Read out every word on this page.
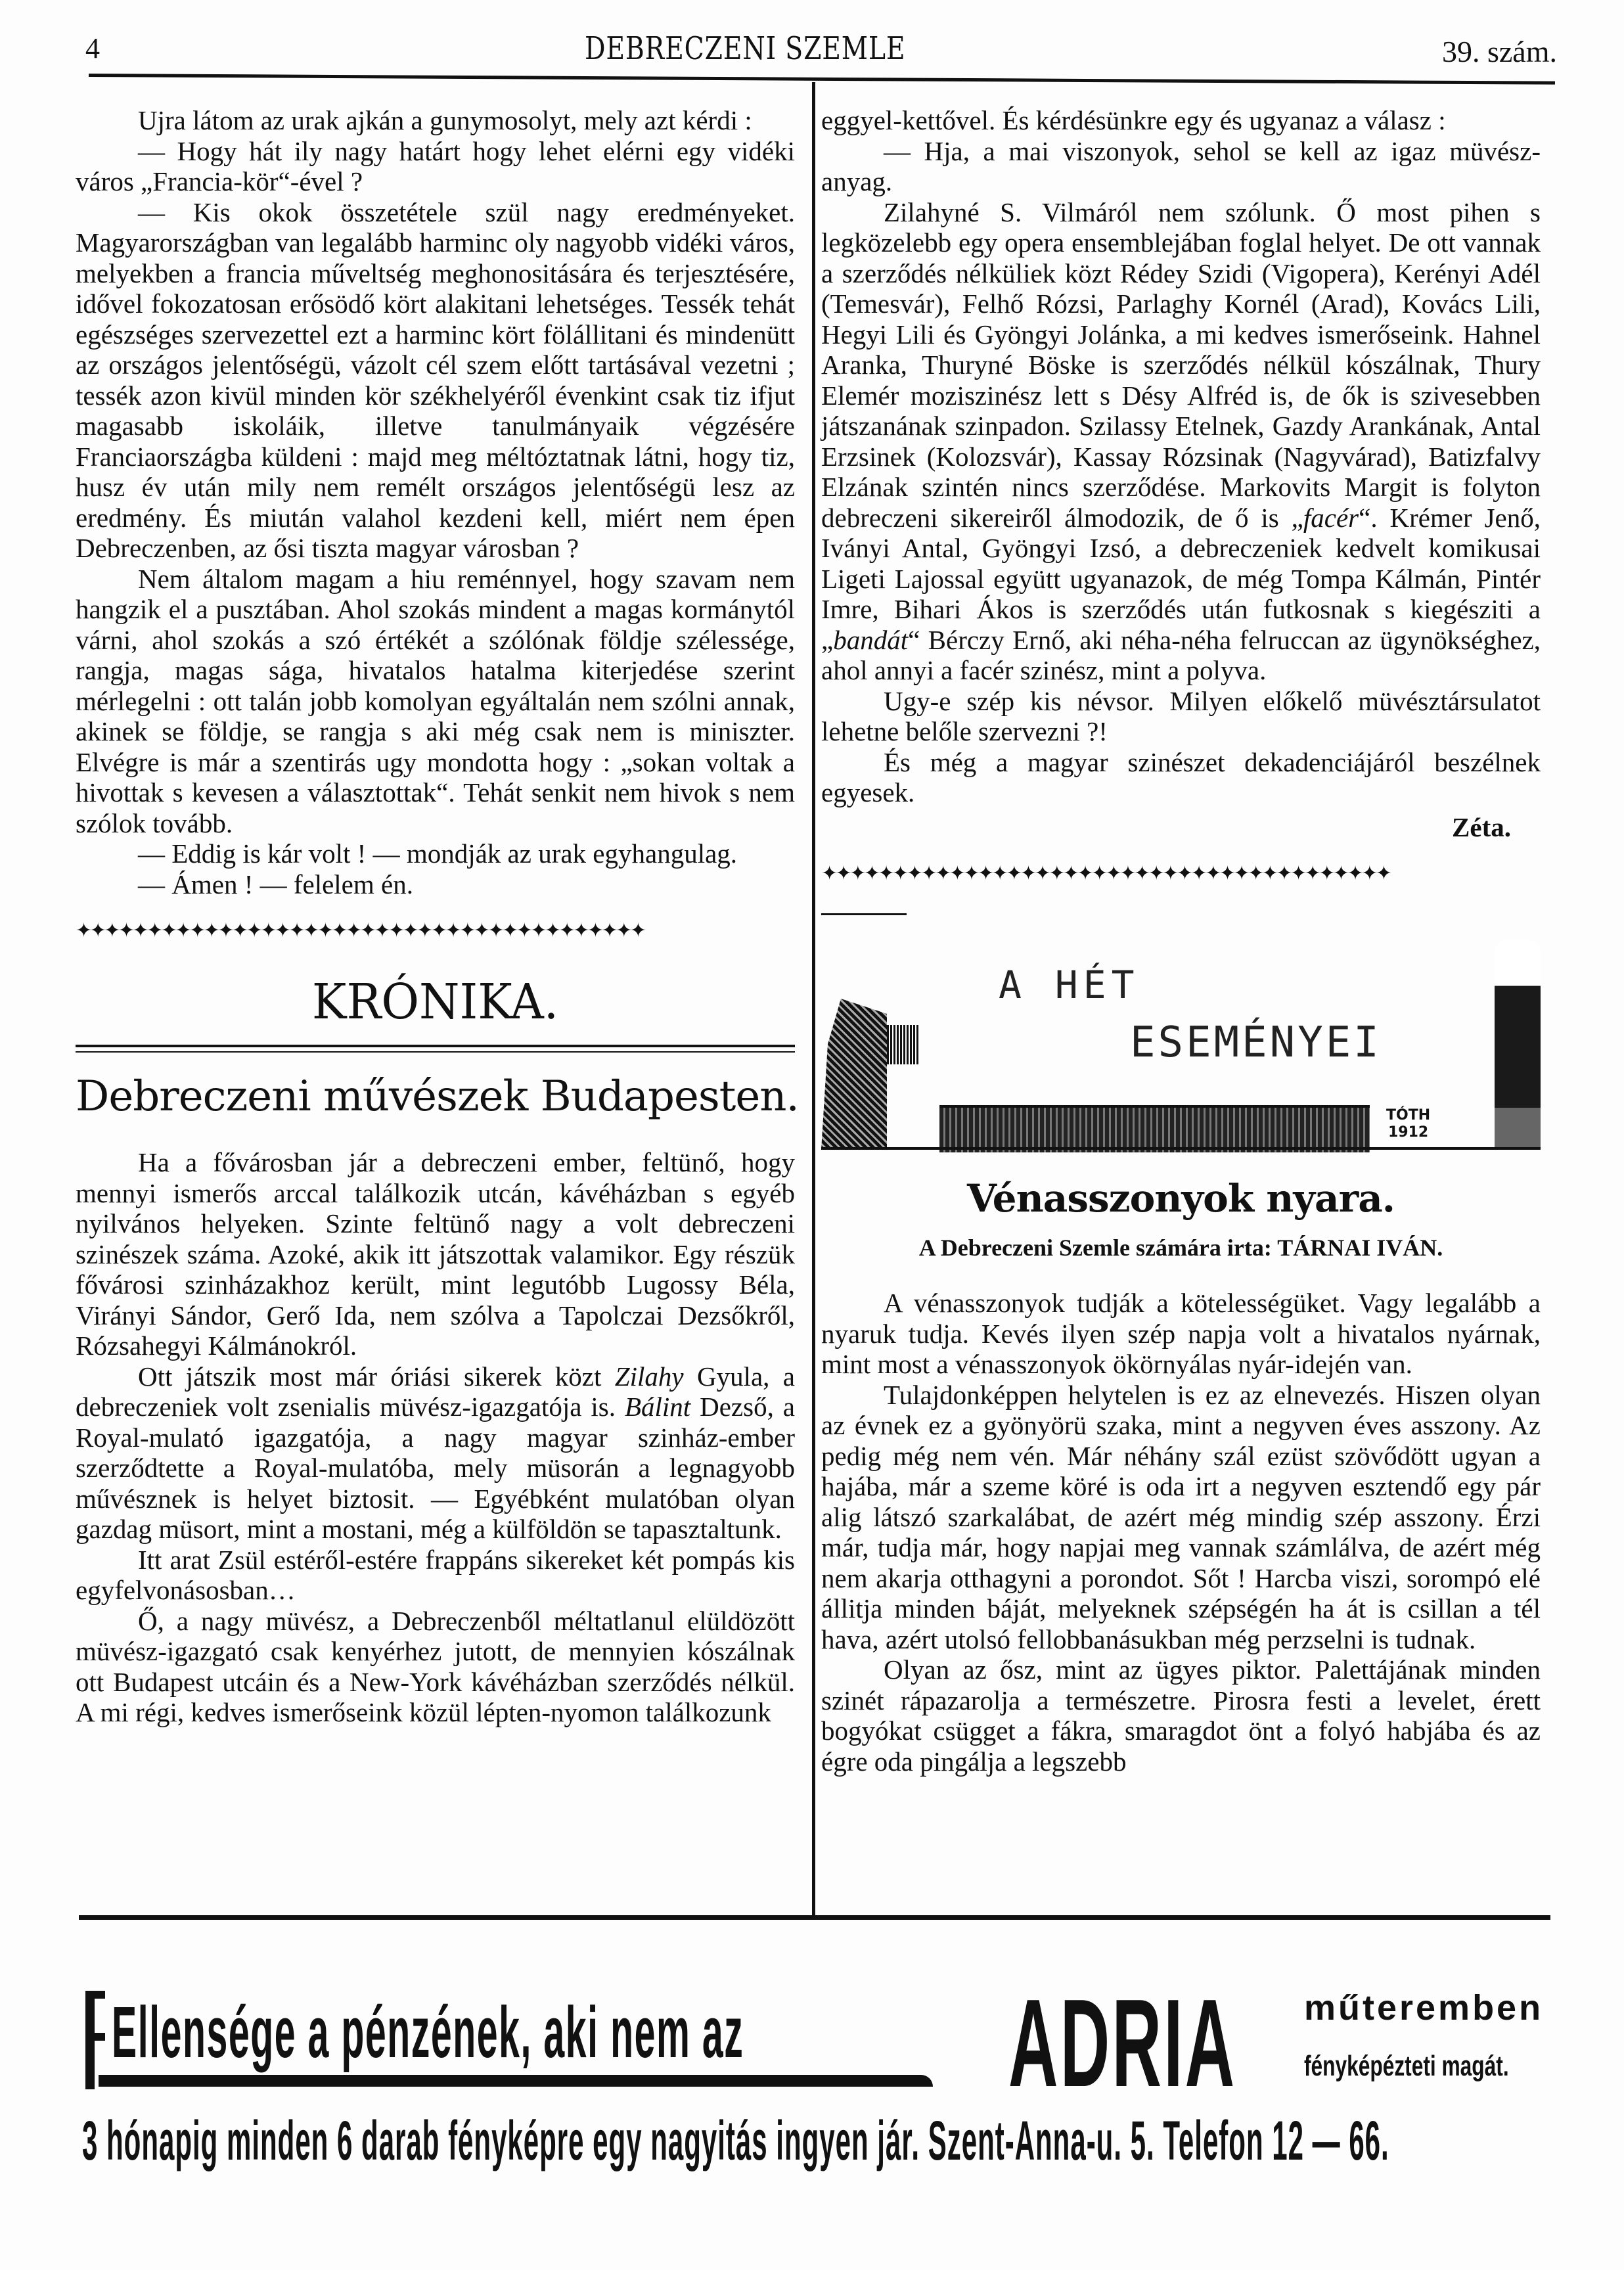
4	DEBRECZENI SZEMLE	39. szám.

Ujra látom az urak ajkán a gunymosolyt, mely azt kérdi :

— Hogy hát ily nagy határt hogy lehet elérni egy vidéki város „Francia-kör“-ével ?

— Kis okok összetétele szül nagy eredményeket. Magyarországban van legalább harminc oly nagyobb vidéki város, melyekben a francia műveltség meghonositására és terjesztésére, idővel fokozatosan erősödő kört alakitani lehetséges. Tessék tehát egészséges szervezettel ezt a harminc kört fölállitani és mindenütt az országos jelentőségü, vázolt cél szem előtt tartásával vezetni ; tessék azon kivül minden kör székhelyéről évenkint csak tiz ifjut magasabb iskoláik, illetve tanulmányaik végzésére Franciaországba küldeni : majd meg méltóztatnak látni, hogy tiz, husz év után mily nem remélt országos jelentőségü lesz az eredmény. És miután valahol kezdeni kell, miért nem épen Debreczenben, az ősi tiszta magyar városban ?

Nem általom magam a hiu reménnyel, hogy szavam nem hangzik el a pusztában. Ahol szokás mindent a magas kormánytól várni, ahol szokás a szó értékét a szólónak földje szélessége, rangja, magas sága, hivatalos hatalma kiterjedése szerint mérlegelni : ott talán jobb komolyan egyáltalán nem szólni annak, akinek se földje, se rangja s aki még csak nem is miniszter. Elvégre is már a szentirás ugy mondotta hogy : „sokan voltak a hivottak s kevesen a választottak“. Tehát senkit nem hivok s nem szólok tovább.

— Eddig is kár volt ! — mondják az urak egyhangulag.

— Ámen ! — felelem én.

✦✦✦✦✦✦✦✦✦✦✦✦✦✦✦✦✦✦✦✦✦✦✦✦✦✦✦✦✦✦✦✦✦✦✦✦✦✦✦✦
KRÓNIKA.
Debreczeni művészek Budapesten.

Ha a fővárosban jár a debreczeni ember, feltünő, hogy mennyi ismerős arccal találkozik utcán, kávéházban s egyéb nyilvános helyeken. Szinte feltünő nagy a volt debreczeni szinészek száma. Azoké, akik itt játszottak valamikor. Egy részük fővárosi szinházakhoz került, mint legutóbb Lugossy Béla, Virányi Sándor, Gerő Ida, nem szólva a Tapolczai Dezsőkről, Rózsahegyi Kálmánokról.

Ott játszik most már óriási sikerek közt Zilahy Gyula, a debreczeniek volt zsenialis müvész-igazgatója is. Bálint Dezső, a Royal-mulató igazgatója, a nagy magyar szinház-ember szerződtette a Royal-mulatóba, mely müsorán a legnagyobb művésznek is helyet biztosit. — Egyébként mulatóban olyan gazdag müsort, mint a mostani, még a külföldön se tapasztaltunk.

Itt arat Zsül estéről-estére frappáns sikereket két pompás kis egyfelvonásosban…

Ő, a nagy müvész, a Debreczenből méltatlanul elüldözött müvész-igazgató csak kenyérhez jutott, de mennyien kószálnak ott Budapest utcáin és a New-York kávéházban szerződés nélkül. A mi régi, kedves ismerőseink közül lépten-nyomon találkozunk

eggyel-kettővel. És kérdésünkre egy és ugyanaz a válasz :

— Hja, a mai viszonyok, sehol se kell az igaz müvész-anyag.

Zilahyné S. Vilmáról nem szólunk. Ő most pihen s legközelebb egy opera ensemblejában foglal helyet. De ott vannak a szerződés nélküliek közt Rédey Szidi (Vigopera), Kerényi Adél (Temesvár), Felhő Rózsi, Parlaghy Kornél (Arad), Kovács Lili, Hegyi Lili és Gyöngyi Jolánka, a mi kedves ismerőseink. Hahnel Aranka, Thuryné Böske is szerződés nélkül kószálnak, Thury Elemér moziszinész lett s Désy Alfréd is, de ők is szivesebben játszanának szinpadon. Szilassy Etelnek, Gazdy Arankának, Antal Erzsinek (Kolozsvár), Kassay Rózsinak (Nagyvárad), Batizfalvy Elzának szintén nincs szerződése. Markovits Margit is folyton debreczeni sikereiről álmodozik, de ő is „facér“. Krémer Jenő, Iványi Antal, Gyöngyi Izsó, a debreczeniek kedvelt komikusai Ligeti Lajossal együtt ugyanazok, de még Tompa Kálmán, Pintér Imre, Bihari Ákos is szerződés után futkosnak s kiegésziti a „bandát“ Bérczy Ernő, aki néha-néha felruccan az ügynökséghez, ahol annyi a facér szinész, mint a polyva.

Ugy-e szép kis névsor. Milyen előkelő müvésztársulatot lehetne belőle szervezni ?!

És még a magyar szinészet dekadenciájáról beszélnek egyesek.

Zéta.

✦✦✦✦✦✦✦✦✦✦✦✦✦✦✦✦✦✦✦✦✦✦✦✦✦✦✦✦✦✦✦✦✦✦✦✦✦✦✦✦
A HÉT
ESEMÉNYEI
TÓTH
1912
Vénasszonyok nyara.
A Debreczeni Szemle számára irta: TÁRNAI IVÁN.

A vénasszonyok tudják a kötelességüket. Vagy legalább a nyaruk tudja. Kevés ilyen szép napja volt a hivatalos nyárnak, mint most a vénasszonyok ökörnyálas nyár-idején van.

Tulajdonképpen helytelen is ez az elnevezés. Hiszen olyan az évnek ez a gyönyörü szaka, mint a negyven éves asszony. Az pedig még nem vén. Már néhány szál ezüst szövődött ugyan a hajába, már a szeme köré is oda irt a negyven esztendő egy pár alig látszó szarkalábat, de azért még mindig szép asszony. Érzi már, tudja már, hogy napjai meg vannak számlálva, de azért még nem akarja otthagyni a porondot. Sőt ! Harcba viszi, sorompó elé állitja minden báját, melyeknek szépségén ha át is csillan a tél hava, azért utolsó fellobbanásukban még perzselni is tudnak.

Olyan az ősz, mint az ügyes piktor. Palettájának minden szinét rápazarolja a természetre. Pirosra festi a levelet, érett bogyókat csügget a fákra, smaragdot önt a folyó habjába és az égre oda pingálja a legszebb

Ellensége a pénzének, aki nem az ADRIA műteremben
fényképézteti magát.
3 hónapig minden 6 darab fényképre egy nagyitás ingyen jár. Szent-Anna-u. 5. Telefon 12 — 66.
